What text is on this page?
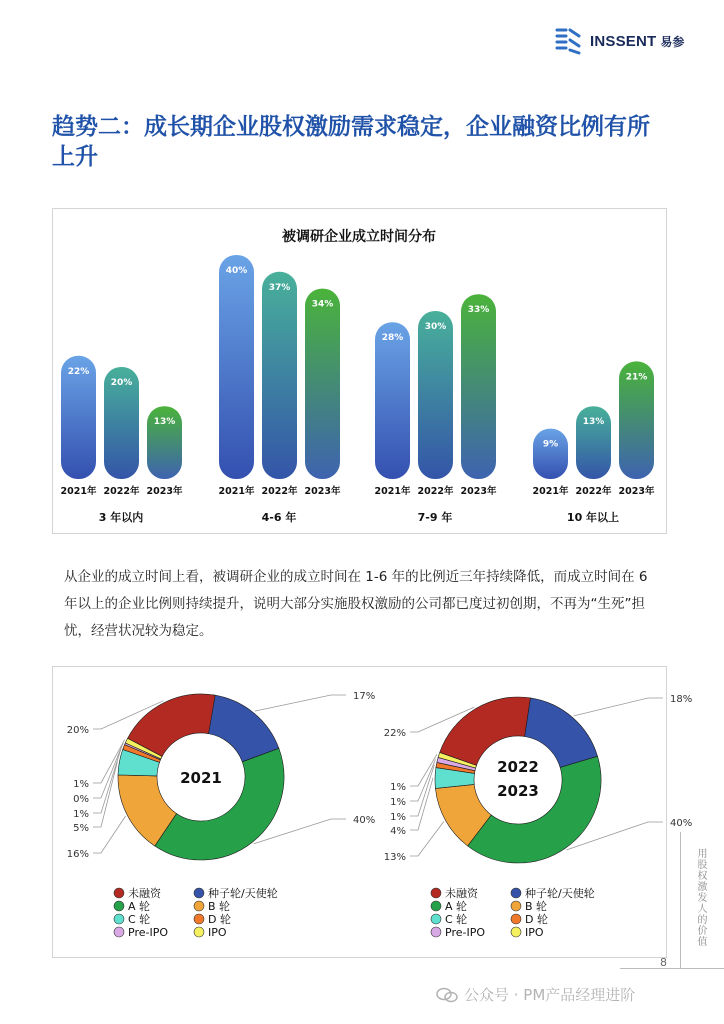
INSSENT 易参
趋势二：成长期企业股权激励需求稳定，企业融资比例有所上升
被调研企业成立时间分布
22%
2021年
20%
2022年
13%
2023年
3 年以内
40%
2021年
37%
2022年
34%
2023年
4-6 年
28%
2021年
30%
2022年
33%
2023年
7-9 年
9%
2021年
13%
2022年
21%
2023年
10 年以上
从企业的成立时间上看，被调研企业的成立时间在 1-6 年的比例近三年持续降低，而成立时间在 6 年以上的企业比例则持续提升，说明大部分实施股权激励的公司都已度过初创期，不再为“生死”担忧，经营状况较为稳定。
2021
17%
40%
20%
1%
0%
1%
5%
16%
未融资	种子轮/天使轮
A 轮	B 轮
C 轮	D 轮
Pre-IPO	IPO
2022
2023
18%
40%
22%
1%
1%
1%
4%
13%
未融资	种子轮/天使轮
A 轮	B 轮
C 轮	D 轮
Pre-IPO	IPO	用股权激发人的价值
8
公众号 · PM产品经理进阶
